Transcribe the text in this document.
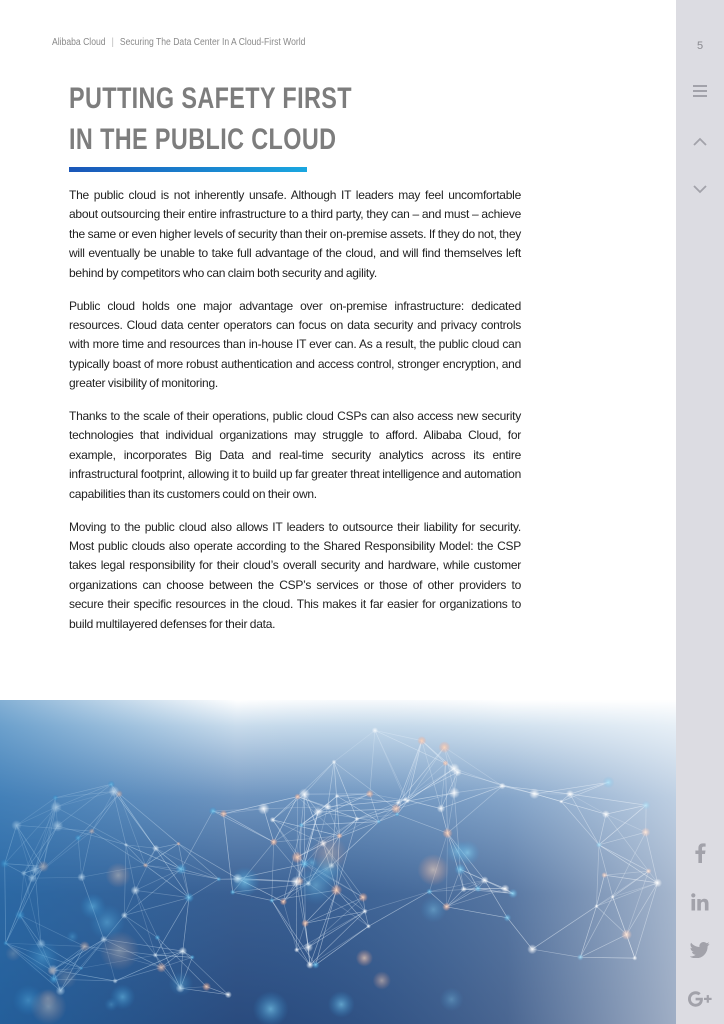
Alibaba Cloud | Securing The Data Center In A Cloud-First World
PUTTING SAFETY FIRST
IN THE PUBLIC CLOUD

The public cloud is not inherently unsafe. Although IT leaders may feel uncomfortable about outsourcing their entire infrastructure to a third party, they can – and must – achieve the same or even higher levels of security than their on-premise assets. If they do not, they will eventually be unable to take full advantage of the cloud, and will find themselves left behind by competitors who can claim both security and agility.

Public cloud holds one major advantage over on-premise infrastructure: dedicated resources. Cloud data center operators can focus on data security and privacy controls with more time and resources than in-house IT ever can. As a result, the public cloud can typically boast of more robust authentication and access control, stronger encryption, and greater visibility of monitoring.

Thanks to the scale of their operations, public cloud CSPs can also access new security technologies that individual organizations may struggle to afford. Alibaba Cloud, for example, incorporates Big Data and real-time security analytics across its entire infrastructural footprint, allowing it to build up far greater threat intelligence and automation capabilities than its customers could on their own.

Moving to the public cloud also allows IT leaders to outsource their liability for security. Most public clouds also operate according to the Shared Responsibility Model: the CSP takes legal responsibility for their cloud’s overall security and hardware, while customer organizations can choose between the CSP’s services or those of other providers to secure their specific resources in the cloud. This makes it far easier for organizations to build multilayered defenses for their data.

5
